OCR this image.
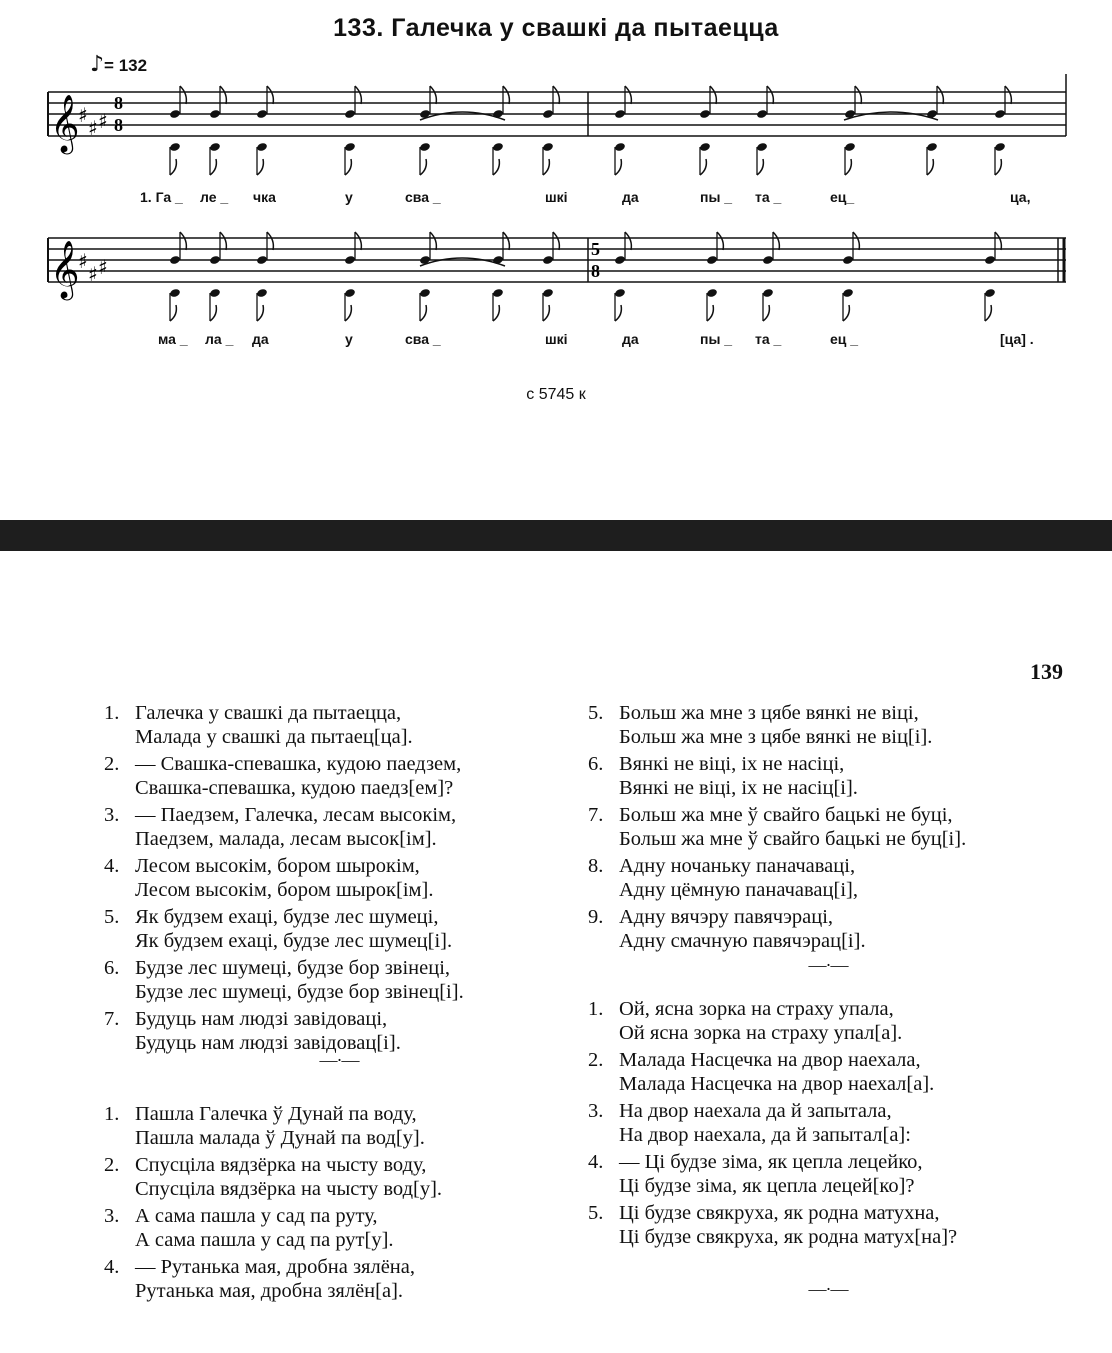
133. Галечка у свашкі да пытаецца
♪= 132
𝄞
♯
♯ ♯
8
8
1. Га _ ле _ чка	у	сва _	шкі	да	пы _ та _	ец_	ца,
𝄞
♯
♯ ♯
5
8
ма _ ла _ да	у	сва _	шкі	да	пы _ та _	ец _	[ца] .
с 5745 к
139
1. Галечка у свашкі да пытаецца,
Малада у свашкі да пытаец[ца].
2. — Свашка-спевашка, кудою паедзем,
Свашка-спевашка, кудою паедз[ем]?
3. — Паедзем, Галечка, лесам высокім,
Паедзем, малада, лесам высок[ім].
4. Лесом высокім, бором шырокім,
Лесом высокім, бором шырок[ім].
5. Як будзем ехаці, будзе лес шумеці,
Як будзем ехаці, будзе лес шумец[і].
6. Будзе лес шумеці, будзе бор звінеці,
Будзе лес шумеці, будзе бор звінец[і].
7. Будуць нам людзі завідоваці,
Будуць нам людзі завідовац[і].
—·—
1. Пашла Галечка ў Дунай па воду,
Пашла малада ў Дунай па вод[у].
2. Спусціла вядзёрка на чысту воду,
Спусціла вядзёрка на чысту вод[у].
3. А сама пашла у сад па руту,
А сама пашла у сад па рут[у].
4. — Рутанька мая, дробна зялёна,
Рутанька мая, дробна зялён[а].
5. Больш жа мне з цябе вянкі не віці,
Больш жа мне з цябе вянкі не віц[і].
6. Вянкі не віці, іх не насіці,
Вянкі не віці, іх не насіц[і].
7. Больш жа мне ў свайго бацькі не буці,
Больш жа мне ў свайго бацькі не буц[і].
8. Адну ночаньку паначаваці,
Адну цёмную паначавац[і],
9. Адну вячэру павячэраці,
Адну смачную павячэрац[і].
—·—
1. Ой, ясна зорка на страху упала,
Ой ясна зорка на страху упал[а].
2. Малада Насцечка на двор наехала,
Малада Насцечка на двор наехал[а].
3. На двор наехала да й запытала,
На двор наехала, да й запытал[а]:
4. — Ці будзе зіма, як цепла лецейко,
Ці будзе зіма, як цепла лецей[ко]?
5. Ці будзе свякруха, як родна матухна,
Ці будзе свякруха, як родна матух[на]?
—·—
